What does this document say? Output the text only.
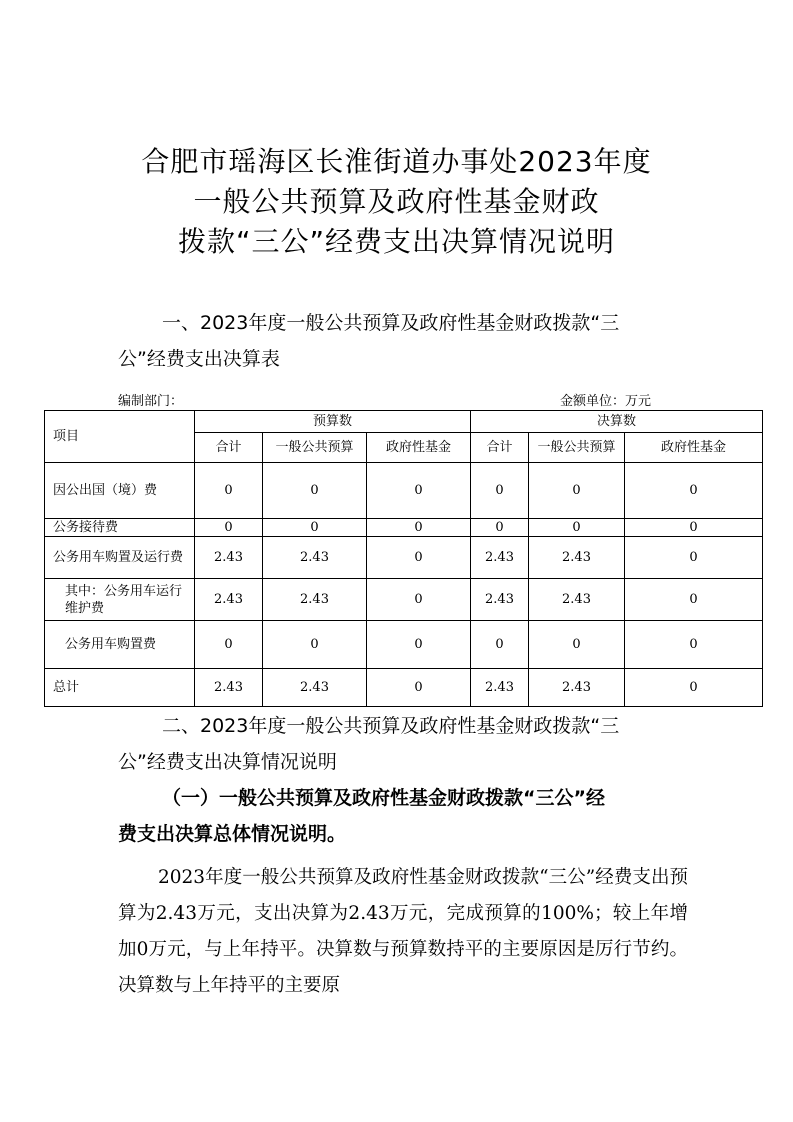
合肥市瑶海区长淮街道办事处2023年度
一般公共预算及政府性基金财政
拨款“三公”经费支出决算情况说明
一、2023年度一般公共预算及政府性基金财政拨款“三
公”经费支出决算表
编制部门：	金额单位：万元
项目	预算数			决算数		
	合计	一般公共预算	政府性基金	合计	一般公共预算	政府性基金
因公出国（境）费	0	0	0	0	0	0
公务接待费	0	0	0	0	0	0
公务用车购置及运行费	2.43	2.43	0	2.43	2.43	0
其中：公务用车运行维护费	2.43	2.43	0	2.43	2.43	0
公务用车购置费	0	0	0	0	0	0
总计	2.43	2.43	0	2.43	2.43	0
二、2023年度一般公共预算及政府性基金财政拨款“三
公”经费支出决算情况说明
（一）一般公共预算及政府性基金财政拨款“三公”经
费支出决算总体情况说明。
2023年度一般公共预算及政府性基金财政拨款“三公”经费支出预算为2.43万元，支出决算为2.43万元，完成预算的100%；较上年增加0万元，与上年持平。决算数与预算数持平的主要原因是厉行节约。决算数与上年持平的主要原
